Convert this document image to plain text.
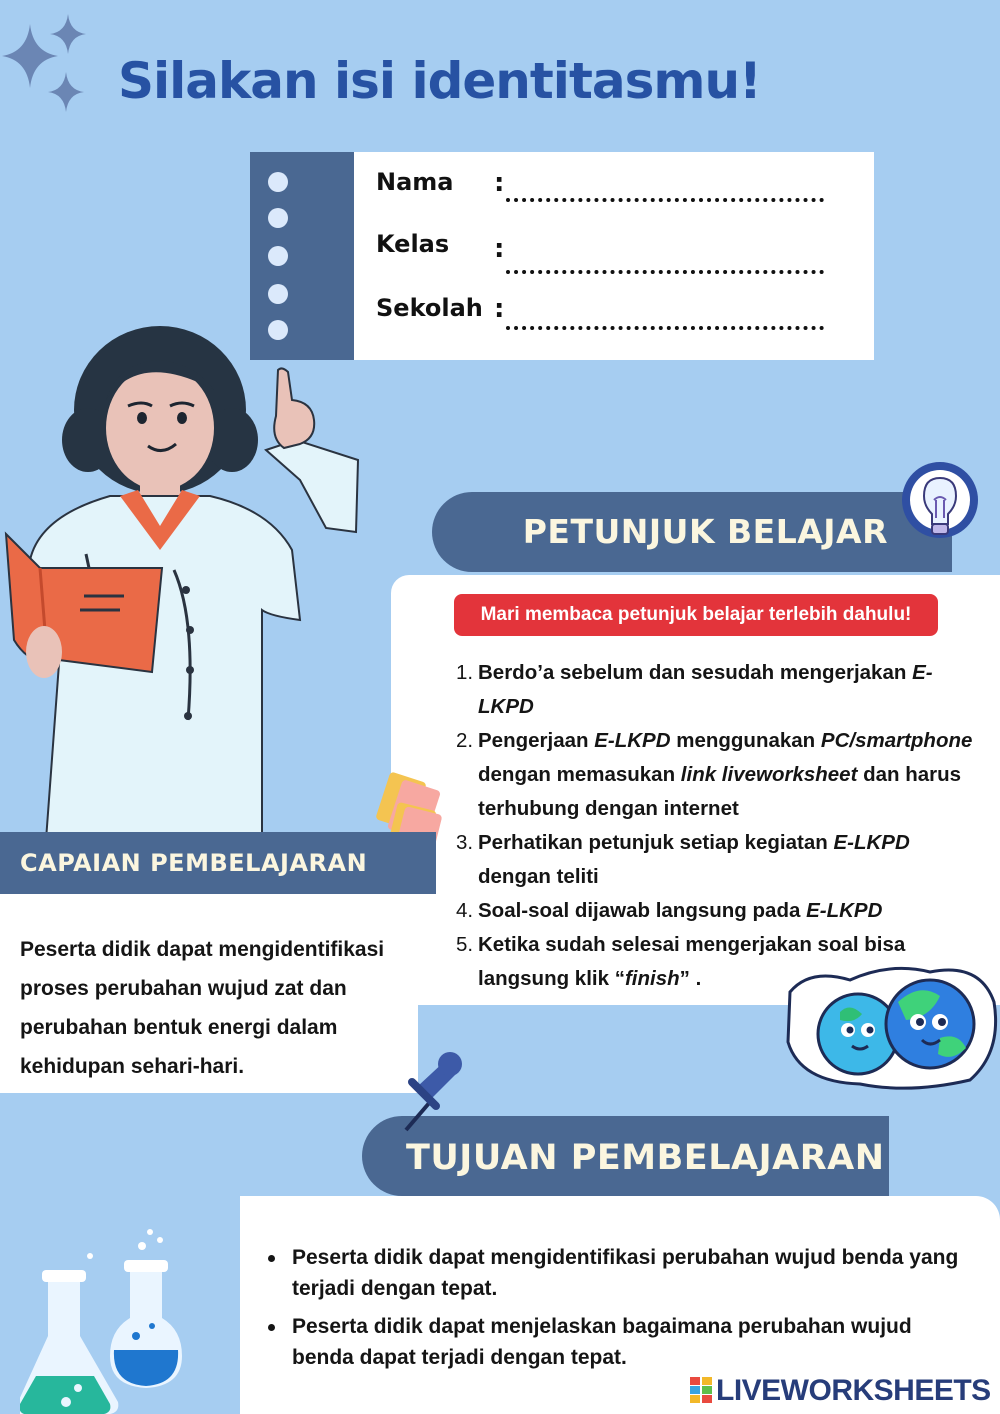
Silakan isi identitasmu!
Nama :
Kelas :
Sekolah :
PETUNJUK BELAJAR
Mari membaca petunjuk belajar terlebih dahulu!
1. Berdo’a sebelum dan sesudah mengerjakan E-LKPD
2. Pengerjaan E-LKPD menggunakan PC/smartphone dengan memasukan link liveworksheet dan harus terhubung dengan internet
3. Perhatikan petunjuk setiap kegiatan E-LKPD dengan teliti
4. Soal-soal dijawab langsung pada E-LKPD
5. Ketika sudah selesai mengerjakan soal bisa langsung klik “finish” .
CAPAIAN PEMBELAJARAN
Peserta didik dapat mengidentifikasi proses perubahan wujud zat dan perubahan bentuk energi dalam kehidupan sehari-hari.
TUJUAN PEMBELAJARAN
Peserta didik dapat mengidentifikasi perubahan wujud benda yang terjadi dengan tepat.
Peserta didik dapat menjelaskan bagaimana perubahan wujud benda dapat terjadi dengan tepat.
LIVEWORKSHEETS
